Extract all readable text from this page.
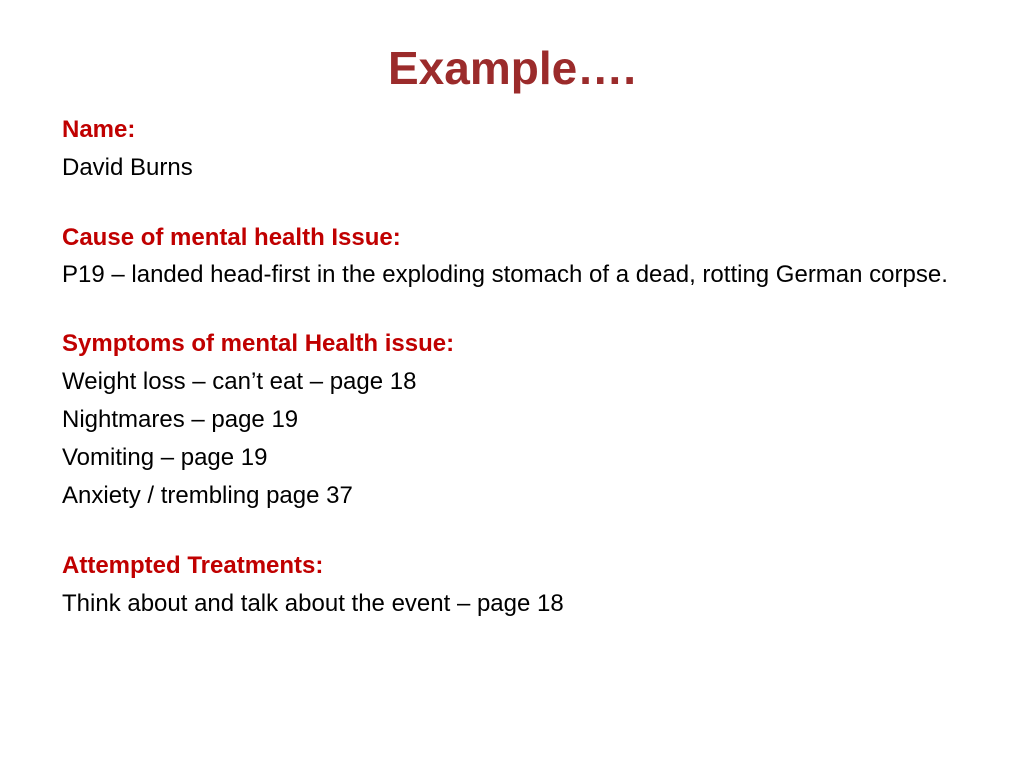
Example….

Name:

David Burns

Cause of mental health Issue:

P19 – landed head-first in the exploding stomach of a dead, rotting German corpse.

Symptoms of mental Health issue:

Weight loss – can’t eat – page 18

Nightmares – page 19

Vomiting – page 19

Anxiety / trembling page 37

Attempted Treatments:

Think about and talk about the event – page 18
